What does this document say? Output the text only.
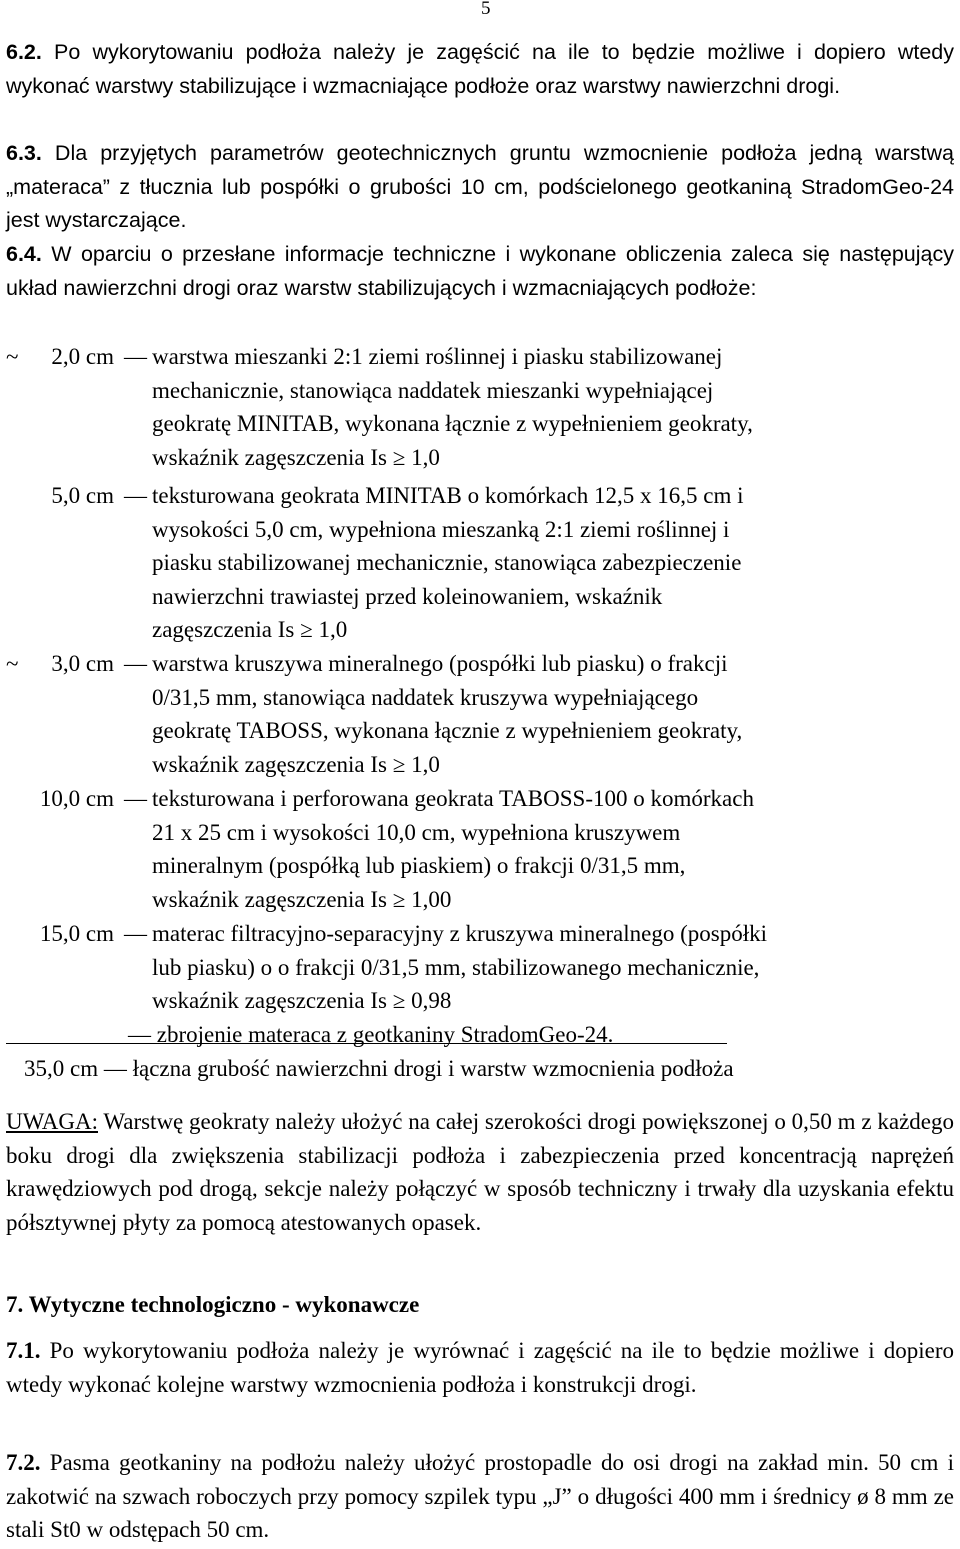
5
6.2. Po wykorytowaniu podłoża należy je zagęścić na ile to będzie możliwe i dopiero wtedy wykonać warstwy stabilizujące i wzmacniające podłoże oraz warstwy nawierzchni drogi.
6.3. Dla przyjętych parametrów geotechnicznych gruntu wzmocnienie podłoża jedną warstwą „materaca” z tłucznia lub pospółki o grubości 10 cm, podścielonego geotkaniną StradomGeo-24 jest wystarczające.
6.4. W oparciu o przesłane informacje techniczne i wykonane obliczenia zaleca się następujący układ nawierzchni drogi oraz warstw stabilizujących i wzmacniających podłoże:
~	2,0 cm — warstwa mieszanki 2:1 ziemi roślinnej i piasku stabilizowanej
mechanicznie, stanowiąca naddatek mieszanki wypełniającej
geokratę MINITAB, wykonana łącznie z wypełnieniem geokraty,
wskaźnik zagęszczenia Is ≥ 1,0
5,0 cm — teksturowana geokrata MINITAB o komórkach 12,5 x 16,5 cm i
wysokości 5,0 cm, wypełniona mieszanką 2:1 ziemi roślinnej i
piasku stabilizowanej mechanicznie, stanowiąca zabezpieczenie
nawierzchni trawiastej przed koleinowaniem, wskaźnik
zagęszczenia Is ≥ 1,0
~	3,0 cm — warstwa kruszywa mineralnego (pospółki lub piasku) o frakcji
0/31,5 mm, stanowiąca naddatek kruszywa wypełniającego
geokratę TABOSS, wykonana łącznie z wypełnieniem geokraty,
wskaźnik zagęszczenia Is ≥ 1,0
10,0 cm — teksturowana i perforowana geokrata TABOSS-100 o komórkach
21 x 25 cm i wysokości 10,0 cm, wypełniona kruszywem
mineralnym (pospółką lub piaskiem) o frakcji 0/31,5 mm,
wskaźnik zagęszczenia Is ≥ 1,00
15,0 cm — materac filtracyjno-separacyjny z kruszywa mineralnego (pospółki
lub piasku) o o frakcji 0/31,5 mm, stabilizowanego mechanicznie,
wskaźnik zagęszczenia Is ≥ 0,98
— zbrojenie materaca z geotkaniny StradomGeo-24.
35,0 cm — łączna grubość nawierzchni drogi i warstw wzmocnienia podłoża
UWAGA: Warstwę geokraty należy ułożyć na całej szerokości drogi powiększonej o 0,50 m z każdego boku drogi dla zwiększenia stabilizacji podłoża i zabezpieczenia przed koncentracją naprężeń krawędziowych pod drogą, sekcje należy połączyć w sposób techniczny i trwały dla uzyskania efektu półsztywnej płyty za pomocą atestowanych opasek.
7. Wytyczne technologiczno - wykonawcze
7.1. Po wykorytowaniu podłoża należy je wyrównać i zagęścić na ile to będzie możliwe i dopiero wtedy wykonać kolejne warstwy wzmocnienia podłoża i konstrukcji drogi.
7.2. Pasma geotkaniny na podłożu należy ułożyć prostopadle do osi drogi na zakład min. 50 cm i zakotwić na szwach roboczych przy pomocy szpilek typu „J” o długości 400 mm i średnicy ø 8 mm ze stali St0 w odstępach 50 cm.
